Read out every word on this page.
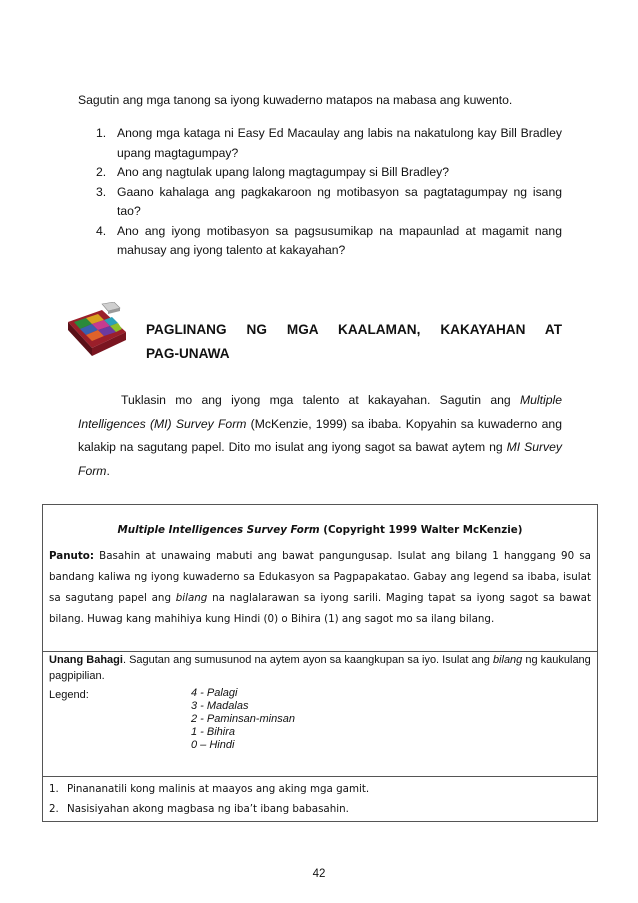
Sagutin ang mga tanong sa iyong kuwaderno matapos na mabasa ang kuwento.
1. Anong mga kataga ni Easy Ed Macaulay ang labis na nakatulong kay Bill Bradley upang magtagumpay?
2. Ano ang nagtulak upang lalong magtagumpay si Bill Bradley?
3. Gaano kahalaga ang pagkakaroon ng motibasyon sa pagtatagumpay ng isang tao?
4. Ano ang iyong motibasyon sa pagsusumikap na mapaunlad at magamit nang mahusay ang iyong talento at kakayahan?
PAGLINANG NG MGA KAALAMAN, KAKAYAHAN AT
PAG-UNAWA
Tuklasin mo ang iyong mga talento at kakayahan. Sagutin ang Multiple Intelligences (MI) Survey Form (McKenzie, 1999) sa ibaba. Kopyahin sa kuwaderno ang kalakip na sagutang papel. Dito mo isulat ang iyong sagot sa bawat aytem ng MI Survey Form.
Multiple Intelligences Survey Form (Copyright 1999 Walter McKenzie)
Panuto: Basahin at unawaing mabuti ang bawat pangungusap. Isulat ang bilang 1 hanggang 90 sa bandang kaliwa ng iyong kuwaderno sa Edukasyon sa Pagpapakatao. Gabay ang legend sa ibaba, isulat sa sagutang papel ang bilang na naglalarawan sa iyong sarili. Maging tapat sa iyong sagot sa bawat bilang. Huwag kang mahihiya kung Hindi (0) o Bihira (1) ang sagot mo sa ilang bilang.
Unang Bahagi. Sagutan ang sumusunod na aytem ayon sa kaangkupan sa iyo. Isulat ang bilang ng kaukulang pagpipilian.
Legend:	4 - Palagi
3 - Madalas
2 - Paminsan-minsan
1 - Bihira
0 – Hindi
1. Pinananatili kong malinis at maayos ang aking mga gamit.
2. Nasisiyahan akong magbasa ng iba’t ibang babasahin.
42
